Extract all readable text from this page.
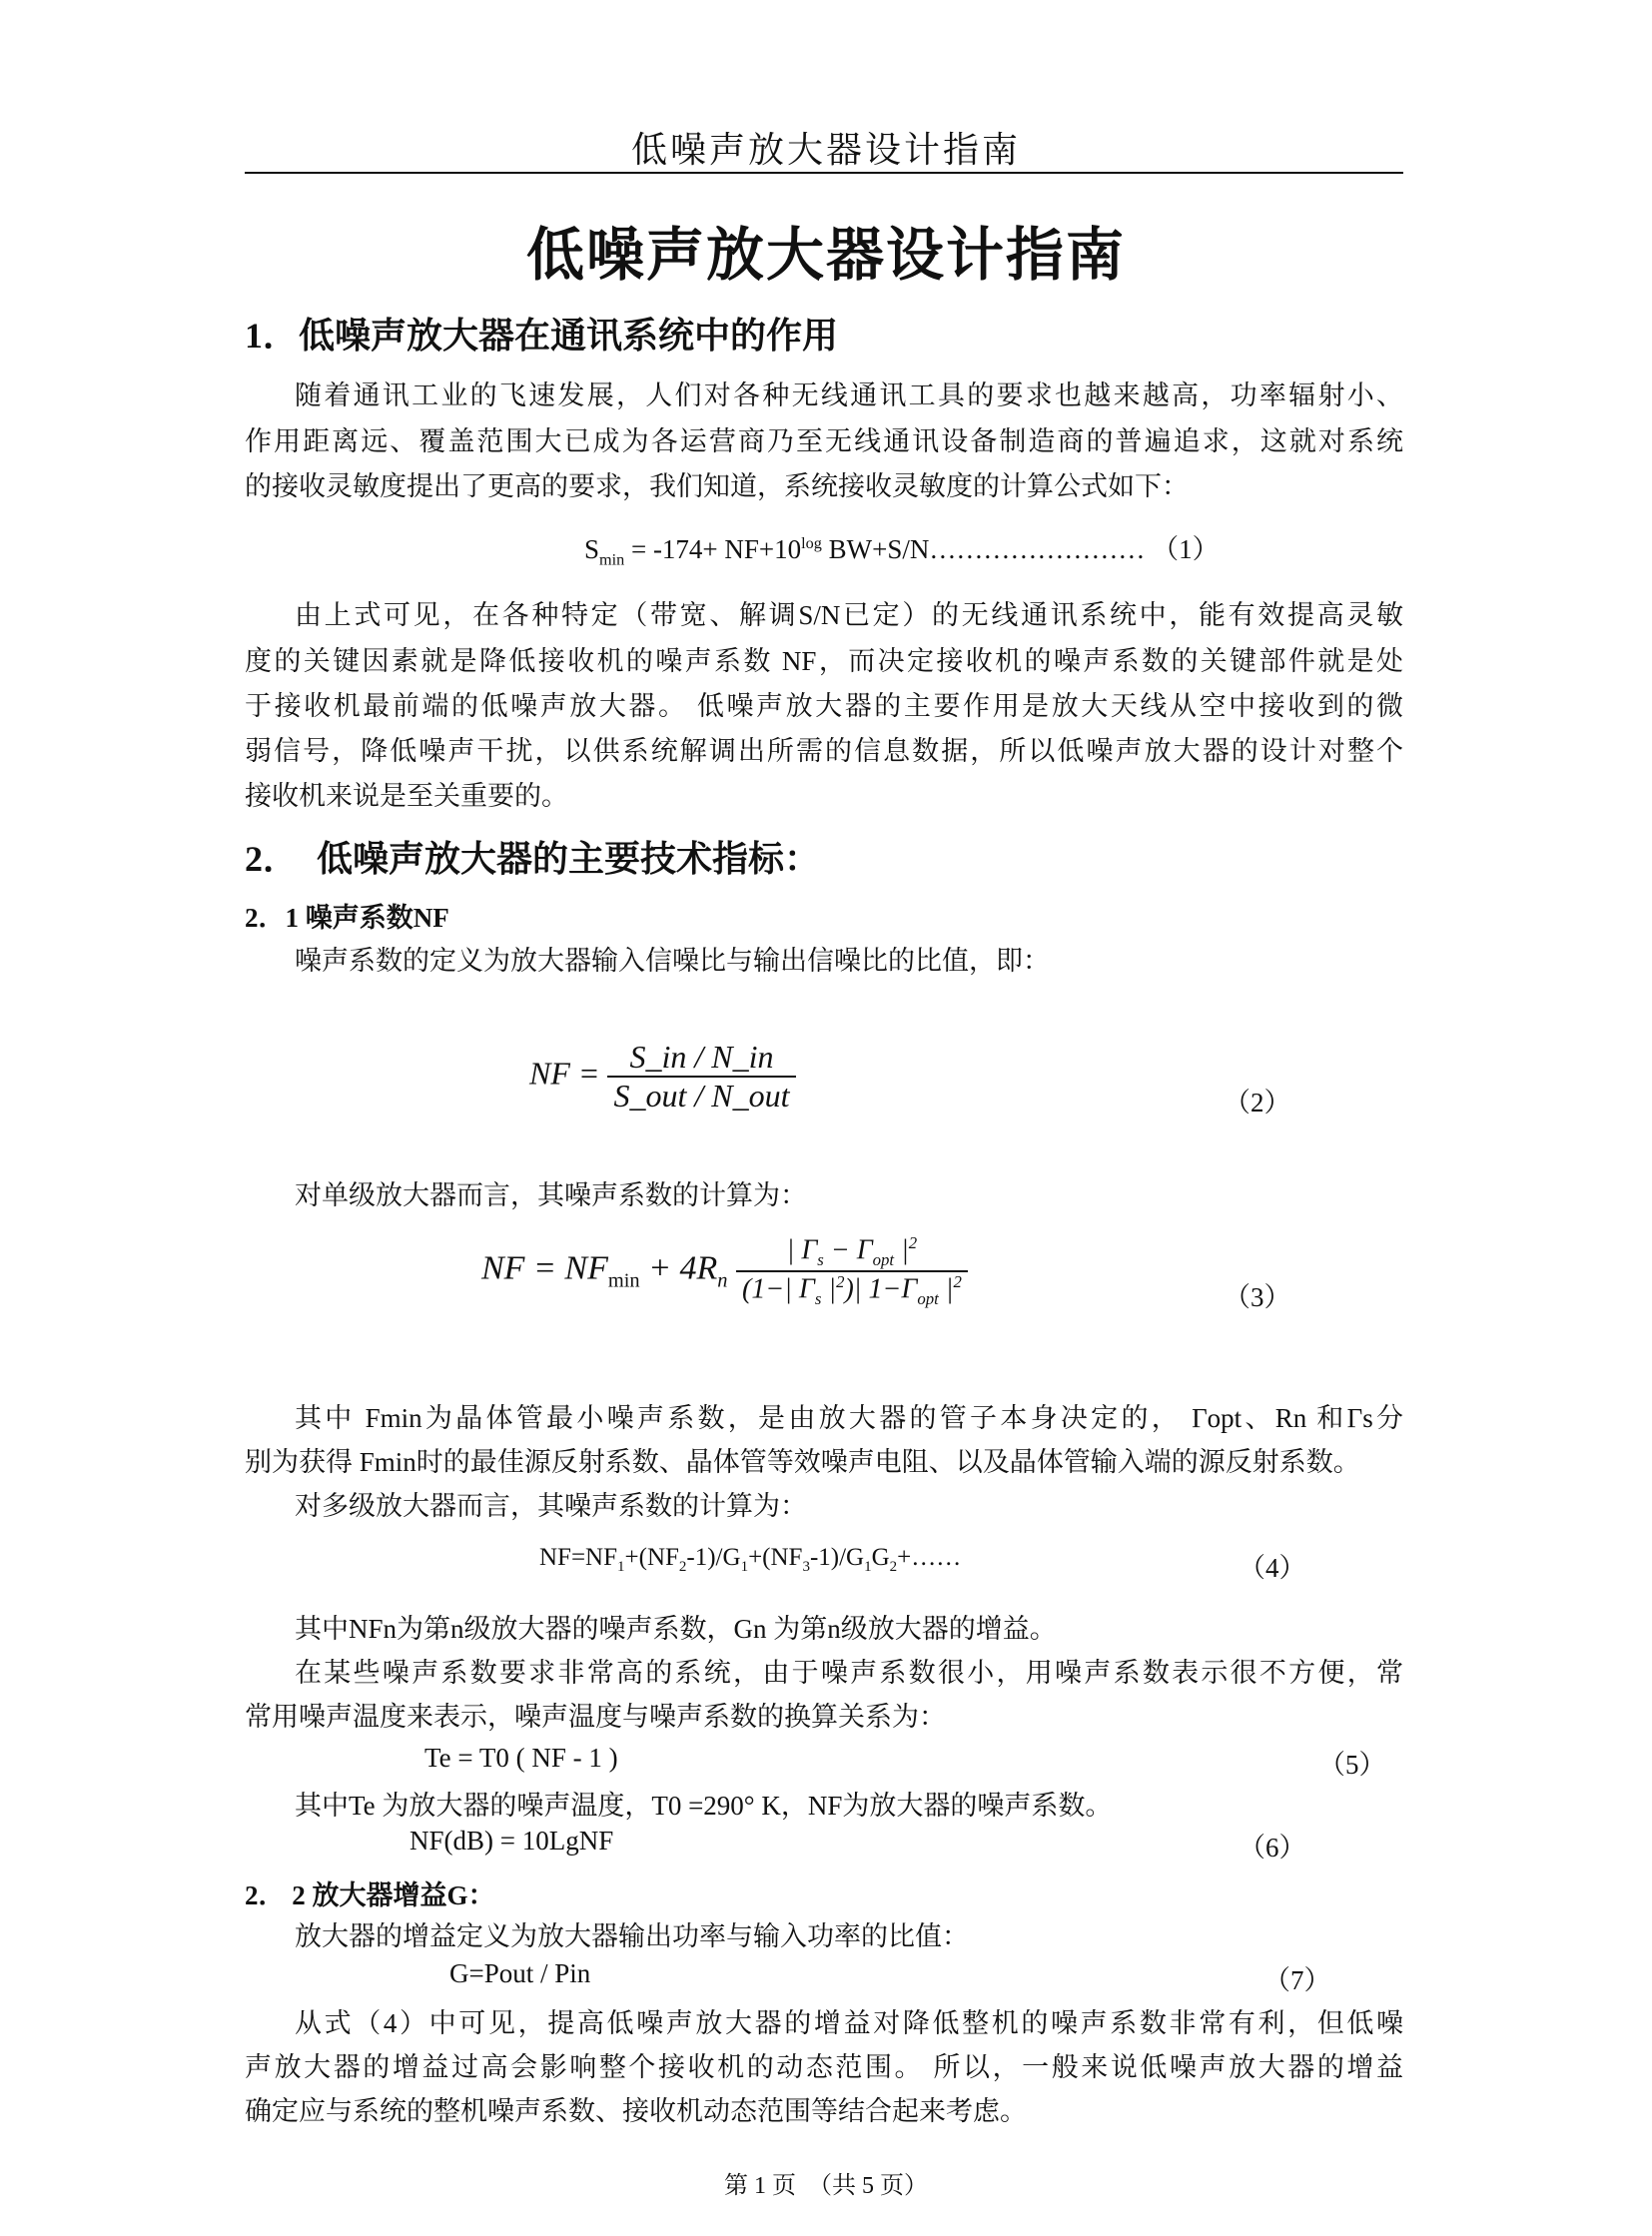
低噪声放大器设计指南
低噪声放大器设计指南
1．低噪声放大器在通讯系统中的作用
随着通讯工业的飞速发展，人们对各种无线通讯工具的要求也越来越高，功率辐射小、
作用距离远、覆盖范围大已成为各运营商乃至无线通讯设备制造商的普遍追求，这就对系统
的接收灵敏度提出了更高的要求，我们知道，系统接收灵敏度的计算公式如下：
$S_{min} = -174+ NF+10^{log}$ BW+S/N…………………… （1）
由上式可见，在各种特定（带宽、解调S/N已定）的无线通讯系统中，能有效提高灵敏
度的关键因素就是降低接收机的噪声系数 NF，而决定接收机的噪声系数的关键部件就是处
于接收机最前端的低噪声放大器。 低噪声放大器的主要作用是放大天线从空中接收到的微
弱信号，降低噪声干扰，以供系统解调出所需的信息数据，所以低噪声放大器的设计对整个
接收机来说是至关重要的。
2．　低噪声放大器的主要技术指标：
2．1 噪声系数NF
噪声系数的定义为放大器输入信噪比与输出信噪比的比值，即：
NF = $\frac{S\_in / N\_in}{\text{S\_out / N\_out}}$	（2）
对单级放大器而言，其噪声系数的计算为：
NF = $NF_{min} + 4R_n \frac{| \Gamma_s - \Gamma_{opt} |^2}{(1-| \Gamma_s |^2)| 1-\Gamma_{opt} |^2}$	（3）
其中 Fmin为晶体管最小噪声系数，是由放大器的管子本身决定的， Γopt、Rn 和Γs分
别为获得 Fmin时的最佳源反射系数、晶体管等效噪声电阻、以及晶体管输入端的源反射系数。
对多级放大器而言，其噪声系数的计算为：
$NF=NF_1+(NF_2-1)/G_1+(NF_3-1)/G_1G_2+\dots\dots$	（4）
其中NFn为第n级放大器的噪声系数，Gn 为第n级放大器的增益。
在某些噪声系数要求非常高的系统，由于噪声系数很小，用噪声系数表示很不方便，常
常用噪声温度来表示，噪声温度与噪声系数的换算关系为：
Te = T0 ( NF - 1 )	（5）
其中Te 为放大器的噪声温度，T0 =290° K，NF为放大器的噪声系数。
NF(dB) = 10LgNF	（6）
2． 2 放大器增益G：
放大器的增益定义为放大器输出功率与输入功率的比值：
G=Pout / Pin	（7）
从式（4）中可见，提高低噪声放大器的增益对降低整机的噪声系数非常有利，但低噪
声放大器的增益过高会影响整个接收机的动态范围。 所以，一般来说低噪声放大器的增益
确定应与系统的整机噪声系数、接收机动态范围等结合起来考虑。
第 1 页　（共 5 页）
